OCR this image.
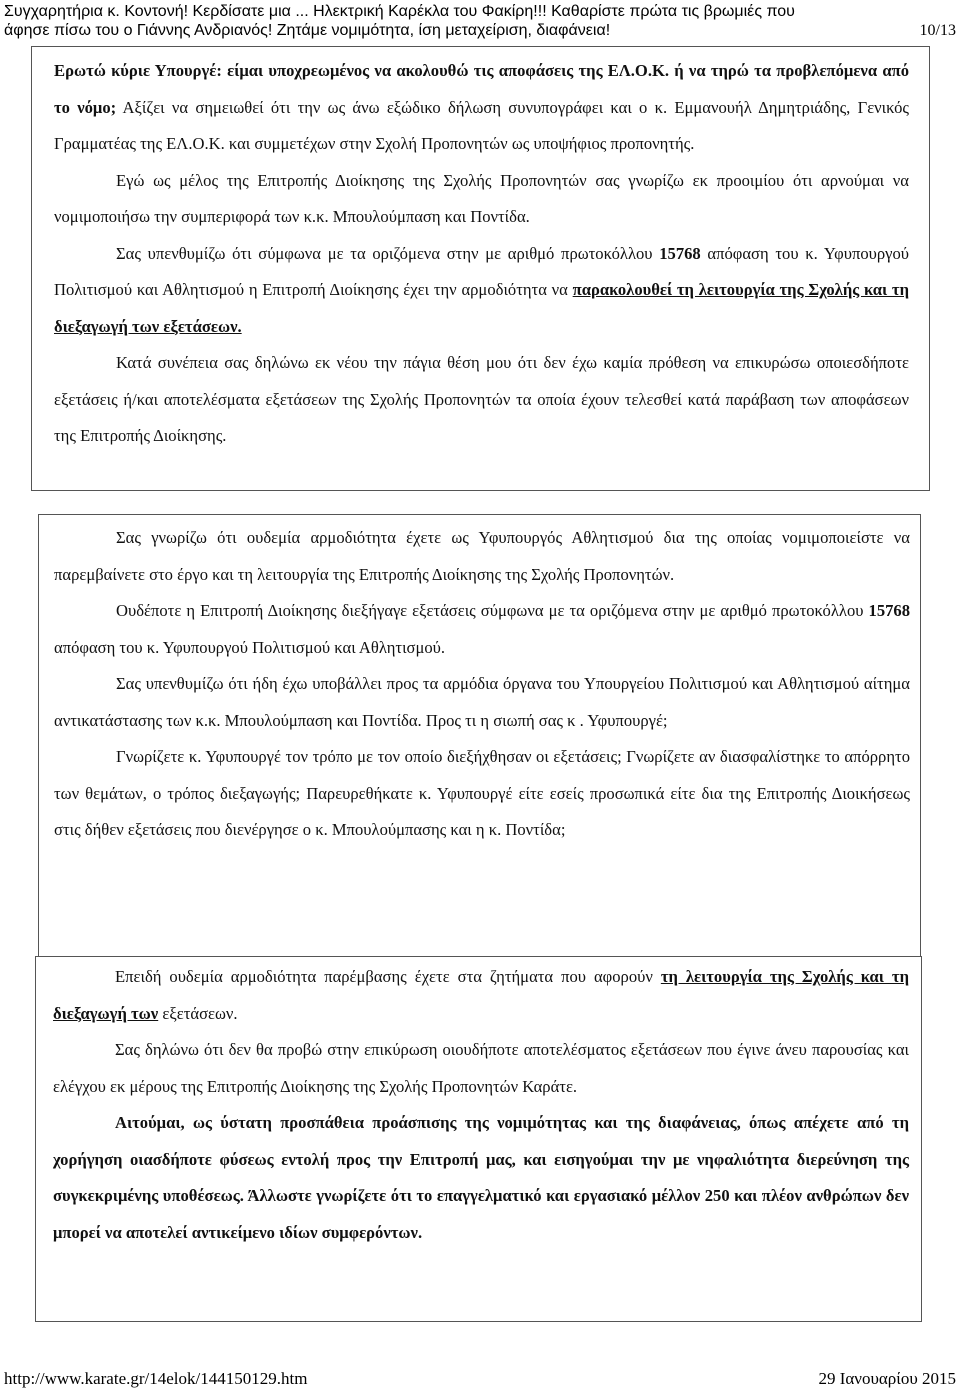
Συγχαρητήρια κ. Κοντονή! Κερδίσατε μια ... Ηλεκτρική Καρέκλα του Φακίρη!!! Καθαρίστε πρώτα τις βρωμιές που
άφησε πίσω του ο Γιάννης Ανδριανός! Ζητάμε νομιμότητα, ίση μεταχείριση, διαφάνεια!	10/13

Ερωτώ κύριε Υπουργέ: είμαι υποχρεωμένος να ακολουθώ τις αποφάσεις της ΕΛ.Ο.Κ. ή να τηρώ τα προβλεπόμενα από το νόμο; Αξίζει να σημειωθεί ότι την ως άνω εξώδικο δήλωση συνυπογράφει και ο κ. Εμμανουήλ Δημητριάδης, Γενικός Γραμματέας της ΕΛ.Ο.Κ. και συμμετέχων στην Σχολή Προπονητών ως υποψήφιος προπονητής.

Εγώ ως μέλος της Επιτροπής Διοίκησης της Σχολής Προπονητών σας γνωρίζω εκ προοιμίου ότι αρνούμαι να νομιμοποιήσω την συμπεριφορά των κ.κ. Μπουλούμπαση και Ποντίδα.

Σας υπενθυμίζω ότι σύμφωνα με τα οριζόμενα στην με αριθμό πρωτοκόλλου 15768 απόφαση του κ. Υφυπουργού Πολιτισμού και Αθλητισμού η Επιτροπή Διοίκησης έχει την αρμοδιότητα να παρακολουθεί τη λειτουργία της Σχολής και τη διεξαγωγή των εξετάσεων.

Κατά συνέπεια σας δηλώνω εκ νέου την πάγια θέση μου ότι δεν έχω καμία πρόθεση να επικυρώσω οποιεσδήποτε εξετάσεις ή/και αποτελέσματα εξετάσεων της Σχολής Προπονητών τα οποία έχουν τελεσθεί κατά παράβαση των αποφάσεων της Επιτροπής Διοίκησης.

Σας γνωρίζω ότι ουδεμία αρμοδιότητα έχετε ως Υφυπουργός Αθλητισμού δια της οποίας νομιμοποιείστε να παρεμβαίνετε στο έργο και τη λειτουργία της Επιτροπής Διοίκησης της Σχολής Προπονητών.

Ουδέποτε η Επιτροπή Διοίκησης διεξήγαγε εξετάσεις σύμφωνα με τα οριζόμενα στην με αριθμό πρωτοκόλλου 15768 απόφαση του κ. Υφυπουργού Πολιτισμού και Αθλητισμού.

Σας υπενθυμίζω ότι ήδη έχω υποβάλλει προς τα αρμόδια όργανα του Υπουργείου Πολιτισμού και Αθλητισμού αίτημα αντικατάστασης των κ.κ. Μπουλούμπαση και Ποντίδα. Προς τι η σιωπή σας κ . Υφυπουργέ;

Γνωρίζετε κ. Υφυπουργέ τον τρόπο με τον οποίο διεξήχθησαν οι εξετάσεις; Γνωρίζετε αν διασφαλίστηκε το απόρρητο των θεμάτων, ο τρόπος διεξαγωγής; Παρευρεθήκατε κ. Υφυπουργέ είτε εσείς προσωπικά είτε δια της Επιτροπής Διοικήσεως στις δήθεν εξετάσεις που διενέργησε ο κ. Μπουλούμπασης και η κ. Ποντίδα;

Επειδή ουδεμία αρμοδιότητα παρέμβασης έχετε στα ζητήματα που αφορούν τη λειτουργία της Σχολής και τη διεξαγωγή των εξετάσεων.

Σας δηλώνω ότι δεν θα προβώ στην επικύρωση οιουδήποτε αποτελέσματος εξετάσεων που έγινε άνευ παρουσίας και ελέγχου εκ μέρους της Επιτροπής Διοίκησης της Σχολής Προπονητών Καράτε.

Αιτούμαι, ως ύστατη προσπάθεια προάσπισης της νομιμότητας και της διαφάνειας, όπως απέχετε από τη χορήγηση οιασδήποτε φύσεως εντολή προς την Επιτροπή μας, και εισηγούμαι την με νηφαλιότητα διερεύνηση της συγκεκριμένης υποθέσεως. Άλλωστε γνωρίζετε ότι το επαγγελματικό και εργασιακό μέλλον 250 και πλέον ανθρώπων δεν μπορεί να αποτελεί αντικείμενο ιδίων συμφερόντων.

http://www.karate.gr/14elok/144150129.htm	29 Ιανουαρίου 2015
